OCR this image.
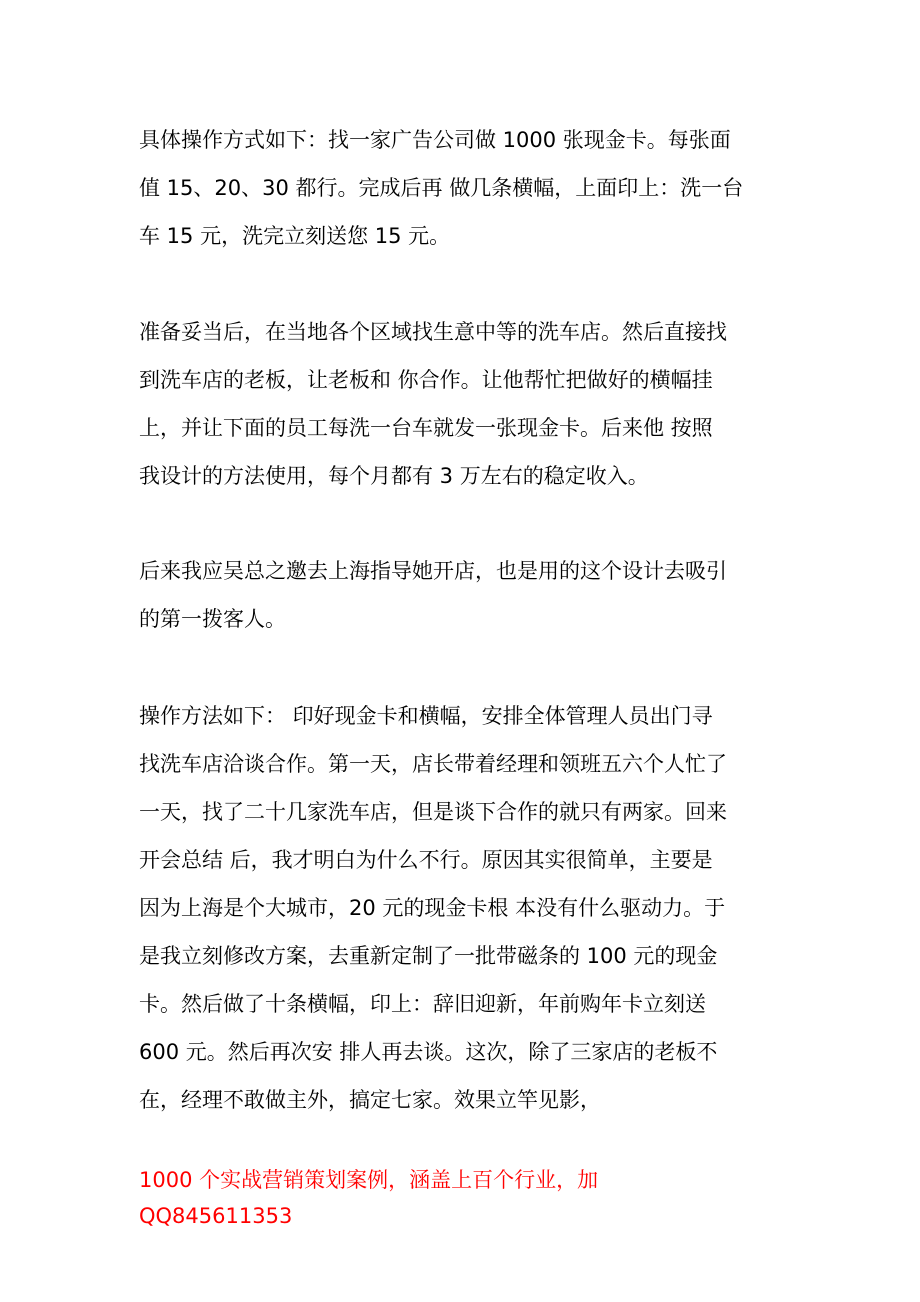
具体操作方式如下：找一家广告公司做 1000 张现金卡。每张面
值 15、20、30 都行。完成后再 做几条横幅，上面印上：洗一台
车 15 元，洗完立刻送您 15 元。
准备妥当后，在当地各个区域找生意中等的洗车店。然后直接找
到洗车店的老板，让老板和 你合作。让他帮忙把做好的横幅挂
上，并让下面的员工每洗一台车就发一张现金卡。后来他 按照
我设计的方法使用，每个月都有 3 万左右的稳定收入。
后来我应吴总之邀去上海指导她开店，也是用的这个设计去吸引
的第一拨客人。
操作方法如下： 印好现金卡和横幅，安排全体管理人员出门寻
找洗车店洽谈合作。第一天，店长带着经理和领班五六个人忙了
一天，找了二十几家洗车店，但是谈下合作的就只有两家。回来
开会总结 后，我才明白为什么不行。原因其实很简单，主要是
因为上海是个大城市，20 元的现金卡根 本没有什么驱动力。于
是我立刻修改方案，去重新定制了一批带磁条的 100 元的现金
卡。然后做了十条横幅，印上：辞旧迎新，年前购年卡立刻送
600 元。然后再次安 排人再去谈。这次，除了三家店的老板不
在，经理不敢做主外，搞定七家。效果立竿见影，
1000 个实战营销策划案例，涵盖上百个行业，加
QQ845611353
